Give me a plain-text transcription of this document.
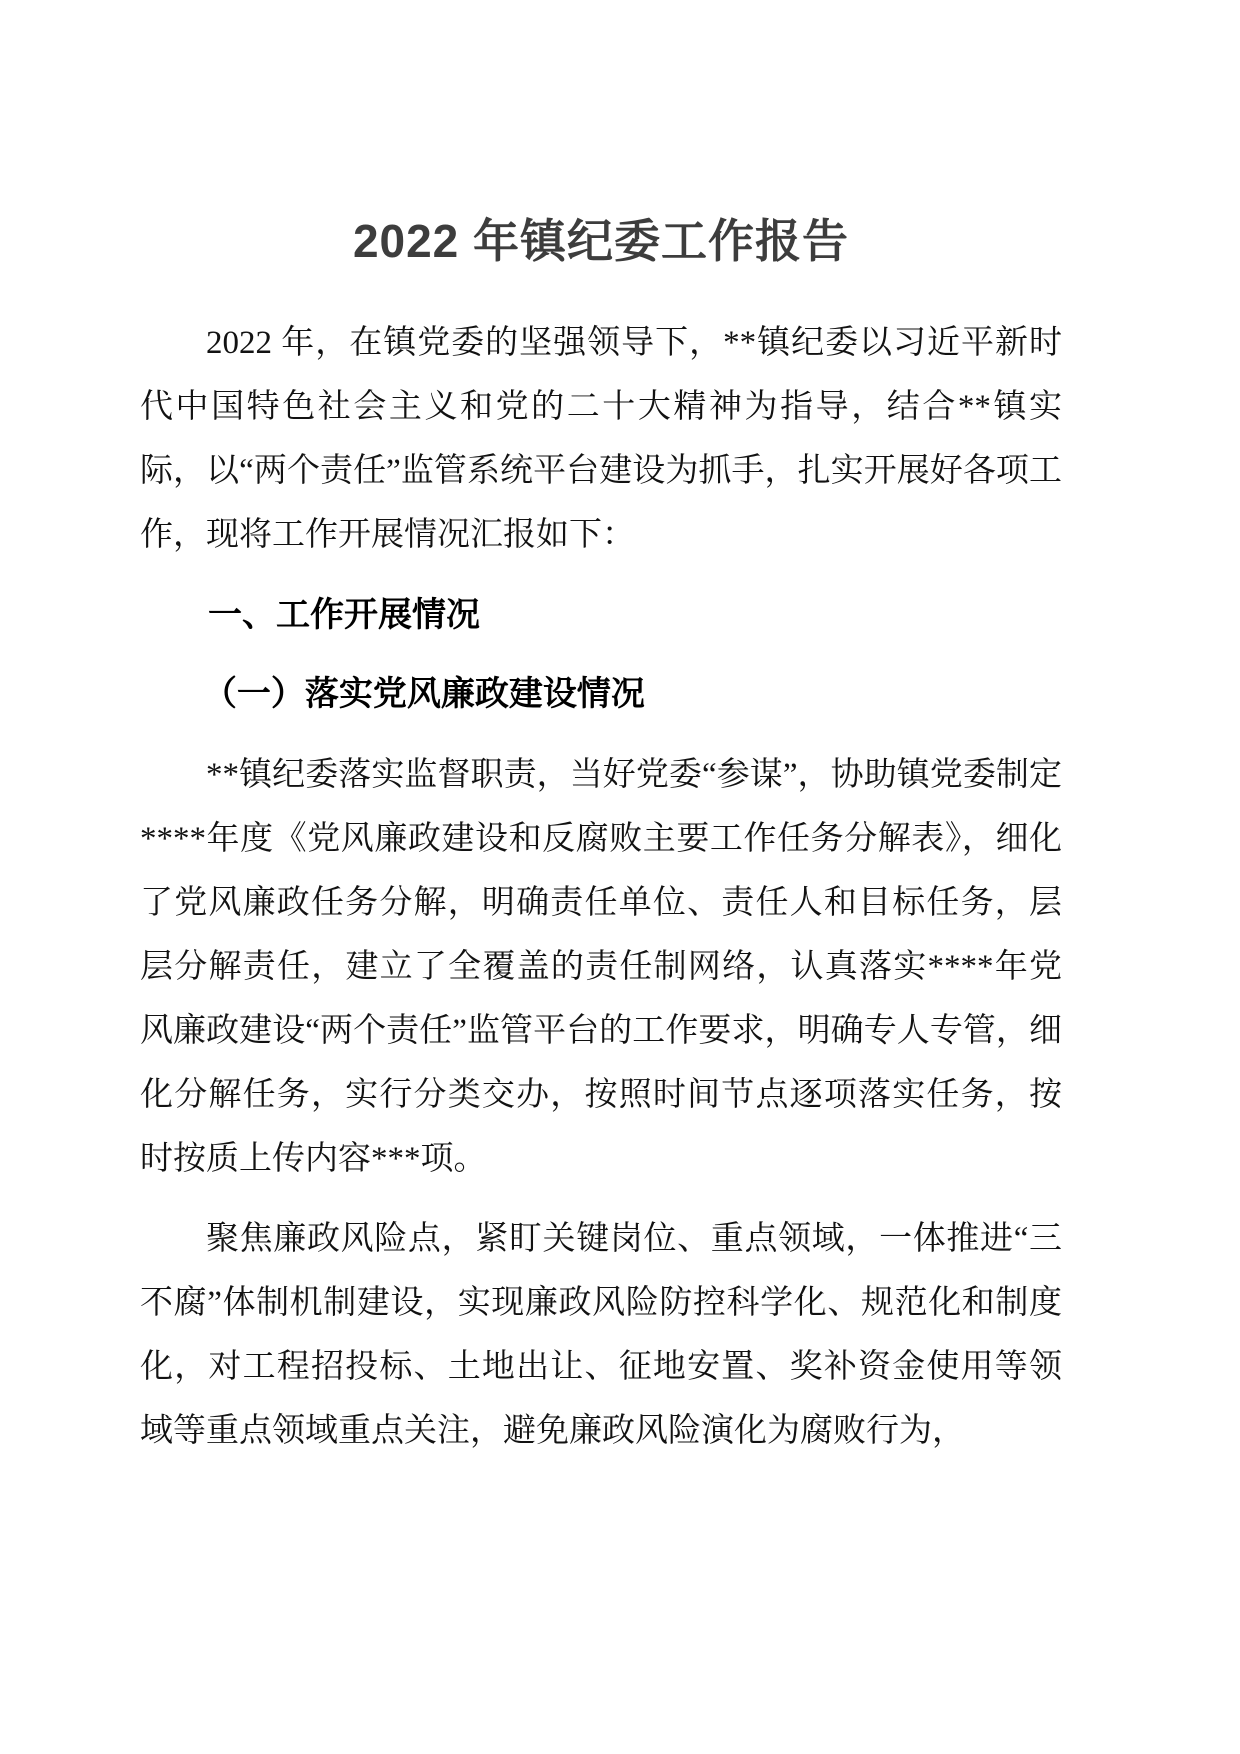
2022 年镇纪委工作报告

2022 年，在镇党委的坚强领导下，**镇纪委以习近平新时代中国特色社会主义和党的二十大精神为指导，结合**镇实际，以“两个责任”监管系统平台建设为抓手，扎实开展好各项工作，现将工作开展情况汇报如下：

一、工作开展情况
（一）落实党风廉政建设情况

**镇纪委落实监督职责，当好党委“参谋”，协助镇党委制定****年度《党风廉政建设和反腐败主要工作任务分解表》，细化了党风廉政任务分解，明确责任单位、责任人和目标任务，层层分解责任，建立了全覆盖的责任制网络，认真落实****年党风廉政建设“两个责任”监管平台的工作要求，明确专人专管，细化分解任务，实行分类交办，按照时间节点逐项落实任务，按时按质上传内容***项。

聚焦廉政风险点，紧盯关键岗位、重点领域，一体推进“三不腐”体制机制建设，实现廉政风险防控科学化、规范化和制度化，对工程招投标、土地出让、征地安置、奖补资金使用等领域等重点领域重点关注，避免廉政风险演化为腐败行为，
